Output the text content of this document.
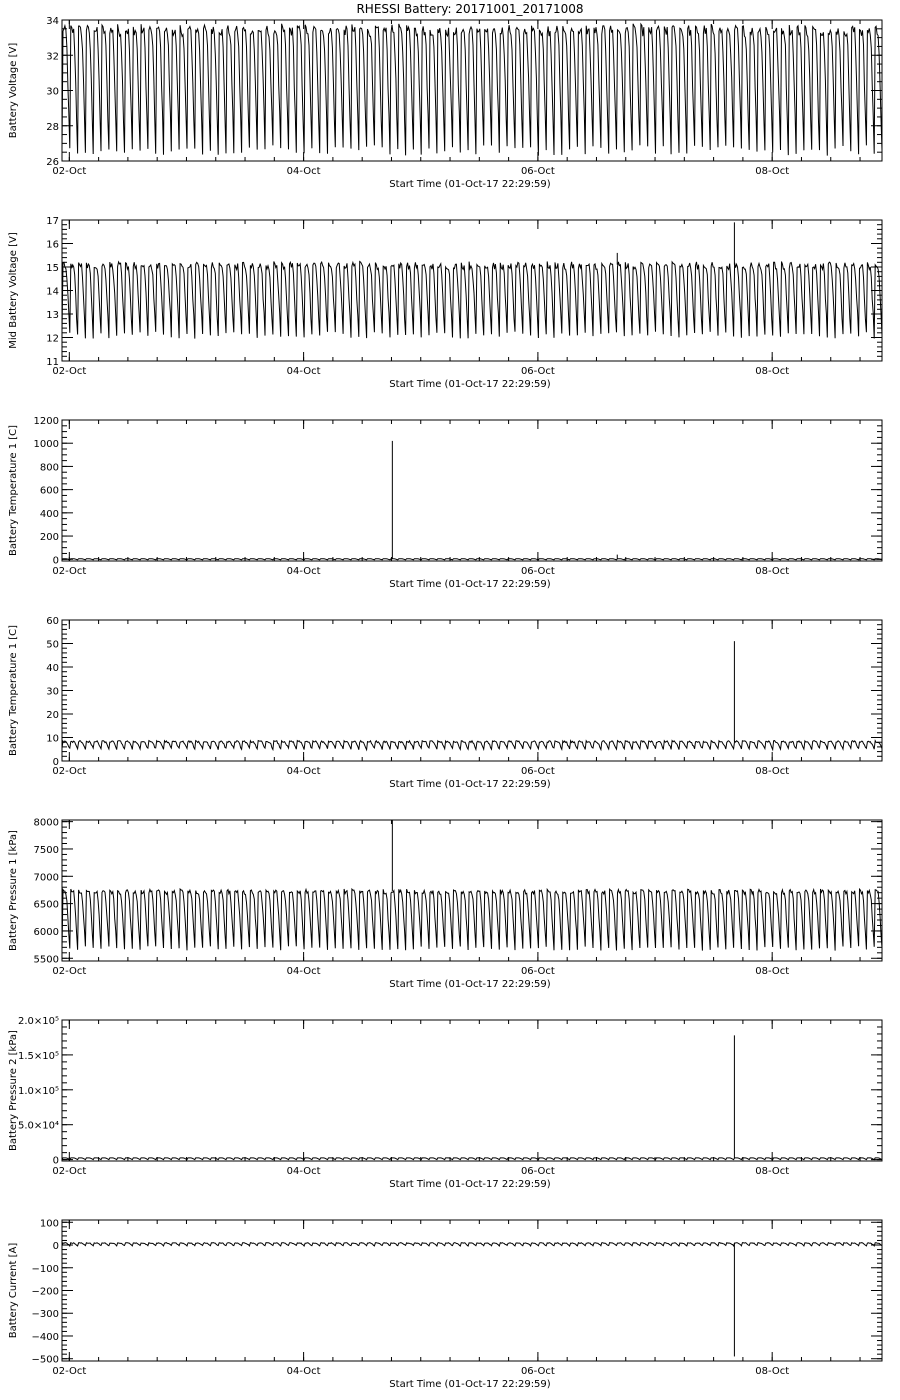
RHESSI Battery: 20171001_20171008
02-Oct	04-Oct	06-Oct	08-Oct
Start Time (01-Oct-17 22:29:59)
26
28
30
32
34
Battery Voltage [V]
02-Oct	04-Oct	06-Oct	08-Oct
Start Time (01-Oct-17 22:29:59)
11
12
13
14
15
16
17
Mid Battery Voltage [V]
02-Oct	04-Oct	06-Oct	08-Oct
Start Time (01-Oct-17 22:29:59)
0
200
400
600
800
1000
1200
Battery Temperature 1 [C]
02-Oct	04-Oct	06-Oct	08-Oct
Start Time (01-Oct-17 22:29:59)
0
10
20
30
40
50
60
Battery Temperature 1 [C]
02-Oct	04-Oct	06-Oct	08-Oct
Start Time (01-Oct-17 22:29:59)
5500
6000
6500
7000
7500
8000
Battery Pressure 1 [kPa]
02-Oct	04-Oct	06-Oct	08-Oct
Start Time (01-Oct-17 22:29:59)
0
5.0×10⁴
1.0×10⁵
1.5×10⁵
2.0×10⁵
Battery Pressure 2 [kPa]
02-Oct	04-Oct	06-Oct	08-Oct
Start Time (01-Oct-17 22:29:59)
−500
−400
−300
−200
−100
0
100
Battery Current [A]
